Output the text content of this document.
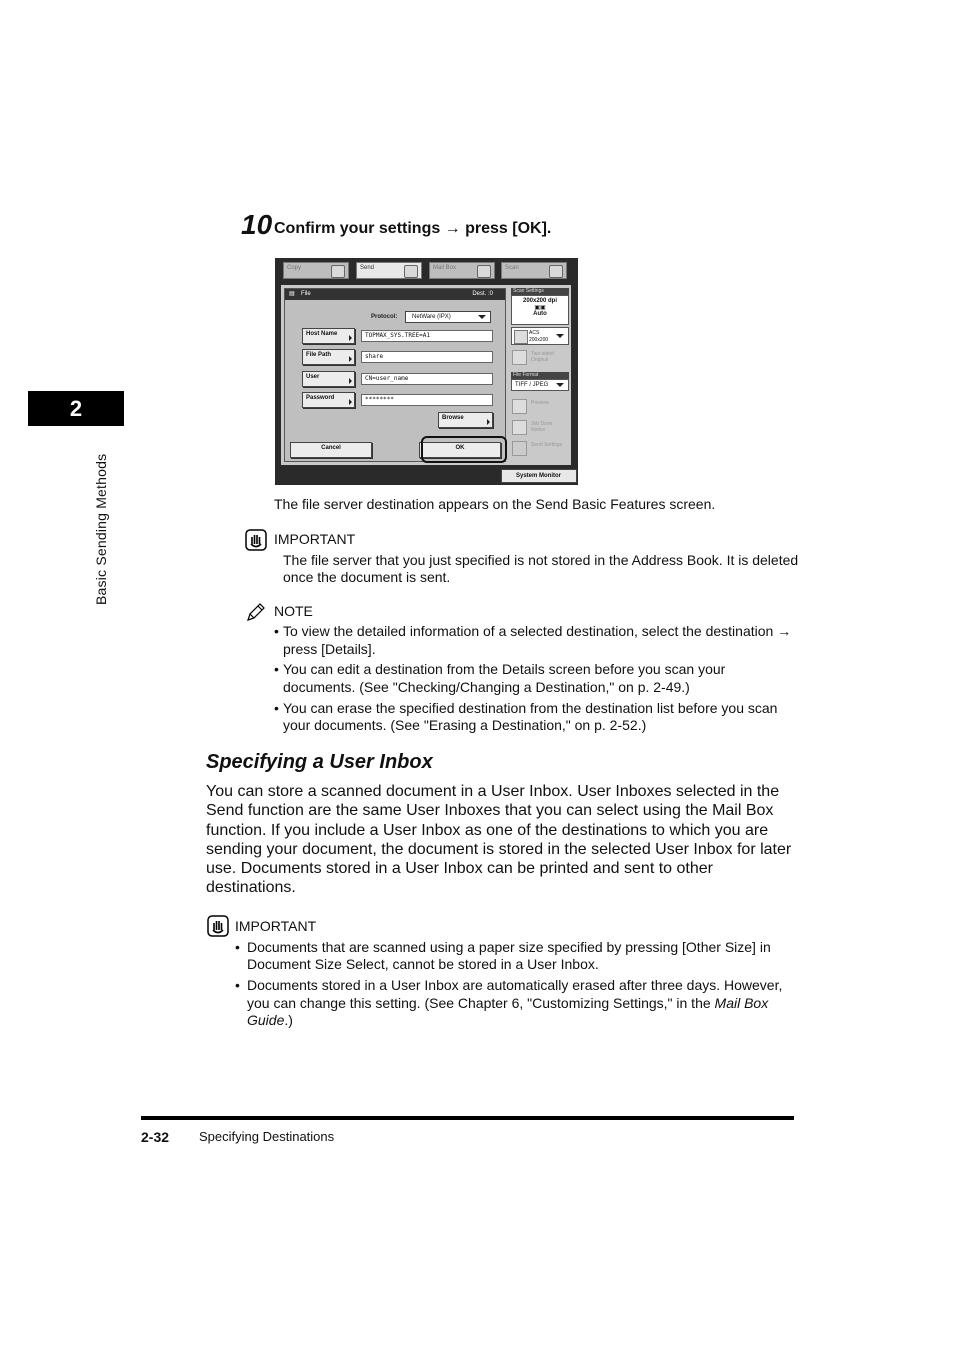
2
Basic Sending Methods
10 Confirm your settings → press [OK].
Copy	Send	Mail Box	Scan
▤ File	Dest. :0
Protocol:	NetWare (IPX)
Host Name	TOPMAX_SYS.TREE=A1
File Path	share
User	CN=user_name
Password	********
Browse
Cancel	OK
Scan Settings
200x200 dpi
▣▣
Auto
ACS
200x200
Two-sided Original
File Format
TIFF / JPEG
Preview
Job Done Notice
Send Settings
System Monitor
The file server destination appears on the Send Basic Features screen.
IMPORTANT
The file server that you just specified is not stored in the Address Book. It is deleted
once the document is sent.
NOTE
• To view the detailed information of a selected destination, select the destination →
press [Details].
• You can edit a destination from the Details screen before you scan your
documents. (See "Checking/Changing a Destination," on p. 2-49.)
• You can erase the specified destination from the destination list before you scan
your documents. (See "Erasing a Destination," on p. 2-52.)
Specifying a User Inbox
You can store a scanned document in a User Inbox. User Inboxes selected in the
Send function are the same User Inboxes that you can select using the Mail Box
function. If you include a User Inbox as one of the destinations to which you are
sending your document, the document is stored in the selected User Inbox for later
use. Documents stored in a User Inbox can be printed and sent to other
destinations.
IMPORTANT
• Documents that are scanned using a paper size specified by pressing [Other Size] in
Document Size Select, cannot be stored in a User Inbox.
• Documents stored in a User Inbox are automatically erased after three days. However,
you can change this setting. (See Chapter 6, "Customizing Settings," in the Mail Box
Guide.)
2-32 Specifying Destinations
